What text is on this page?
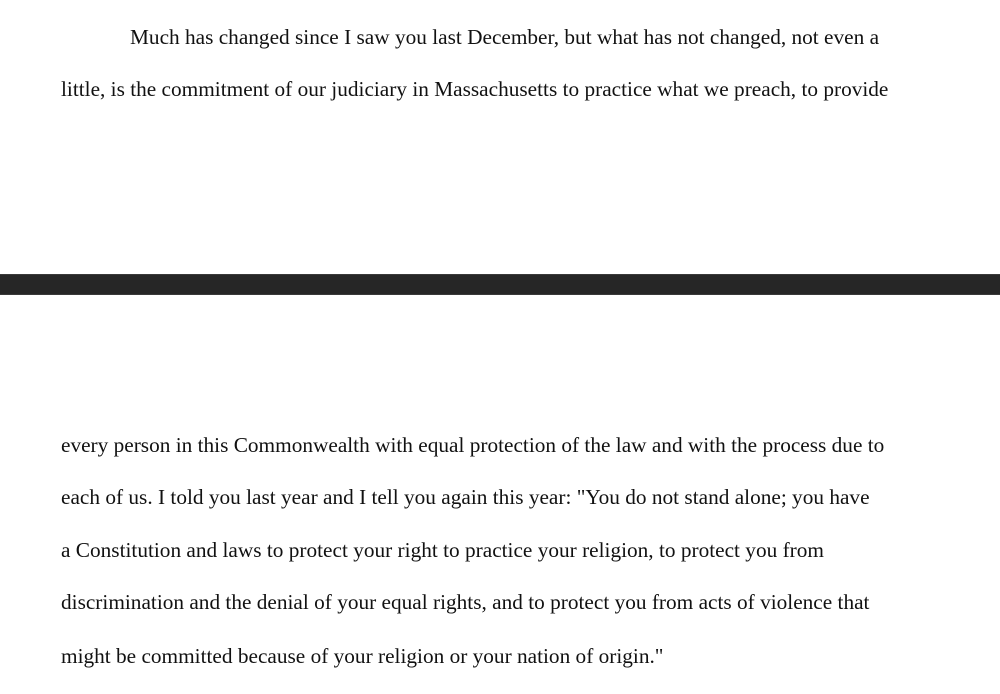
Much has changed since I saw you last December, but what has not changed, not even a

little, is the commitment of our judiciary in Massachusetts to practice what we preach, to provide

every person in this Commonwealth with equal protection of the law and with the process due to

each of us. I told you last year and I tell you again this year: "You do not stand alone; you have

a Constitution and laws to protect your right to practice your religion, to protect you from

discrimination and the denial of your equal rights, and to protect you from acts of violence that

might be committed because of your religion or your nation of origin."
